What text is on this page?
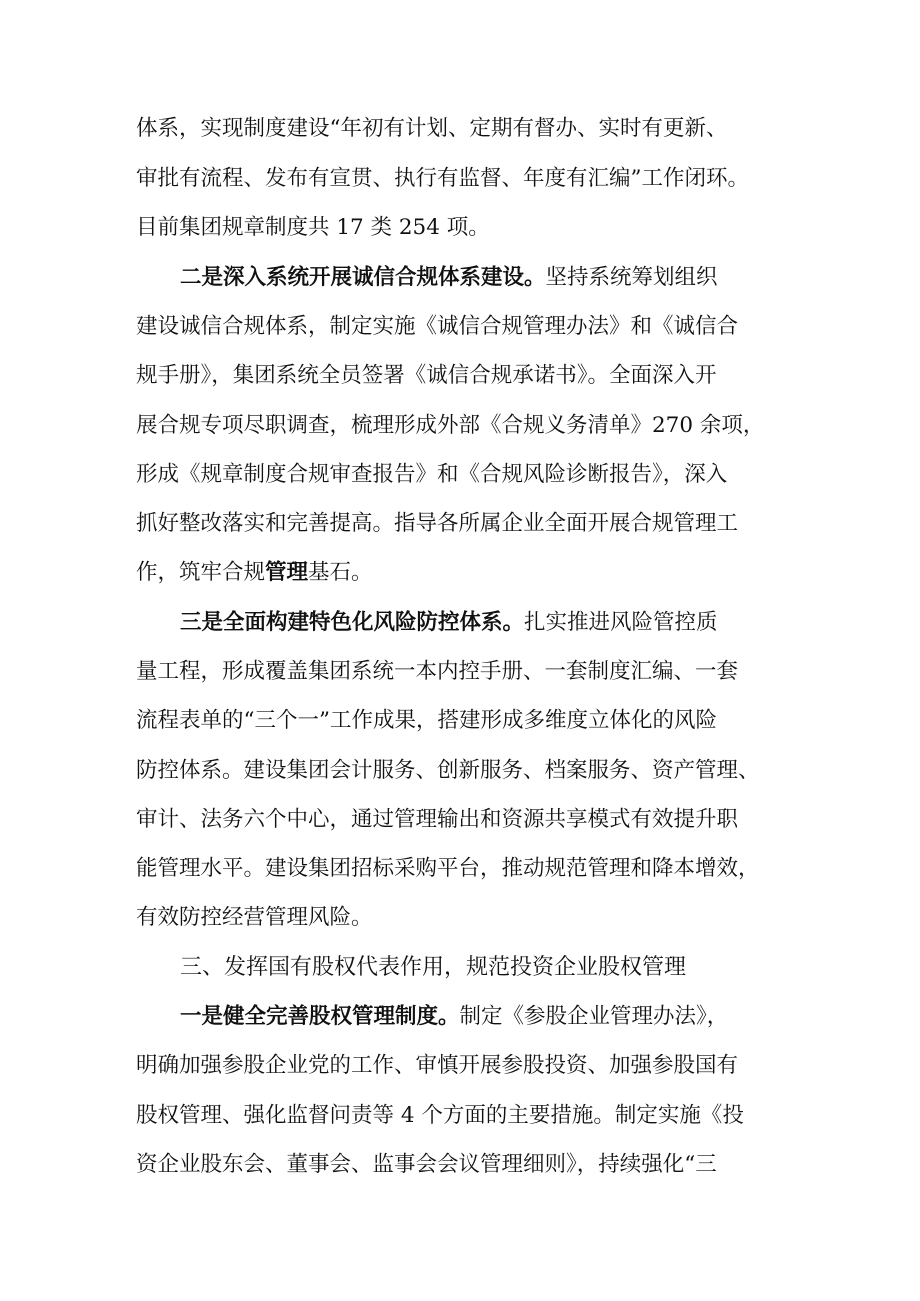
体系，实现制度建设“年初有计划、定期有督办、实时有更新、
审批有流程、发布有宣贯、执行有监督、年度有汇编”工作闭环。
目前集团规章制度共 17 类 254 项。
二是深入系统开展诚信合规体系建设。坚持系统筹划组织
建设诚信合规体系，制定实施《诚信合规管理办法》和《诚信合
规手册》，集团系统全员签署《诚信合规承诺书》。全面深入开
展合规专项尽职调查，梳理形成外部《合规义务清单》270 余项，
形成《规章制度合规审查报告》和《合规风险诊断报告》，深入
抓好整改落实和完善提高。指导各所属企业全面开展合规管理工
作，筑牢合规管理基石。
三是全面构建特色化风险防控体系。扎实推进风险管控质
量工程，形成覆盖集团系统一本内控手册、一套制度汇编、一套
流程表单的“三个一”工作成果，搭建形成多维度立体化的风险
防控体系。建设集团会计服务、创新服务、档案服务、资产管理、
审计、法务六个中心，通过管理输出和资源共享模式有效提升职
能管理水平。建设集团招标采购平台，推动规范管理和降本增效，
有效防控经营管理风险。
三、发挥国有股权代表作用，规范投资企业股权管理
一是健全完善股权管理制度。制定《参股企业管理办法》，
明确加强参股企业党的工作、审慎开展参股投资、加强参股国有
股权管理、强化监督问责等 4 个方面的主要措施。制定实施《投
资企业股东会、董事会、监事会会议管理细则》，持续强化“三
